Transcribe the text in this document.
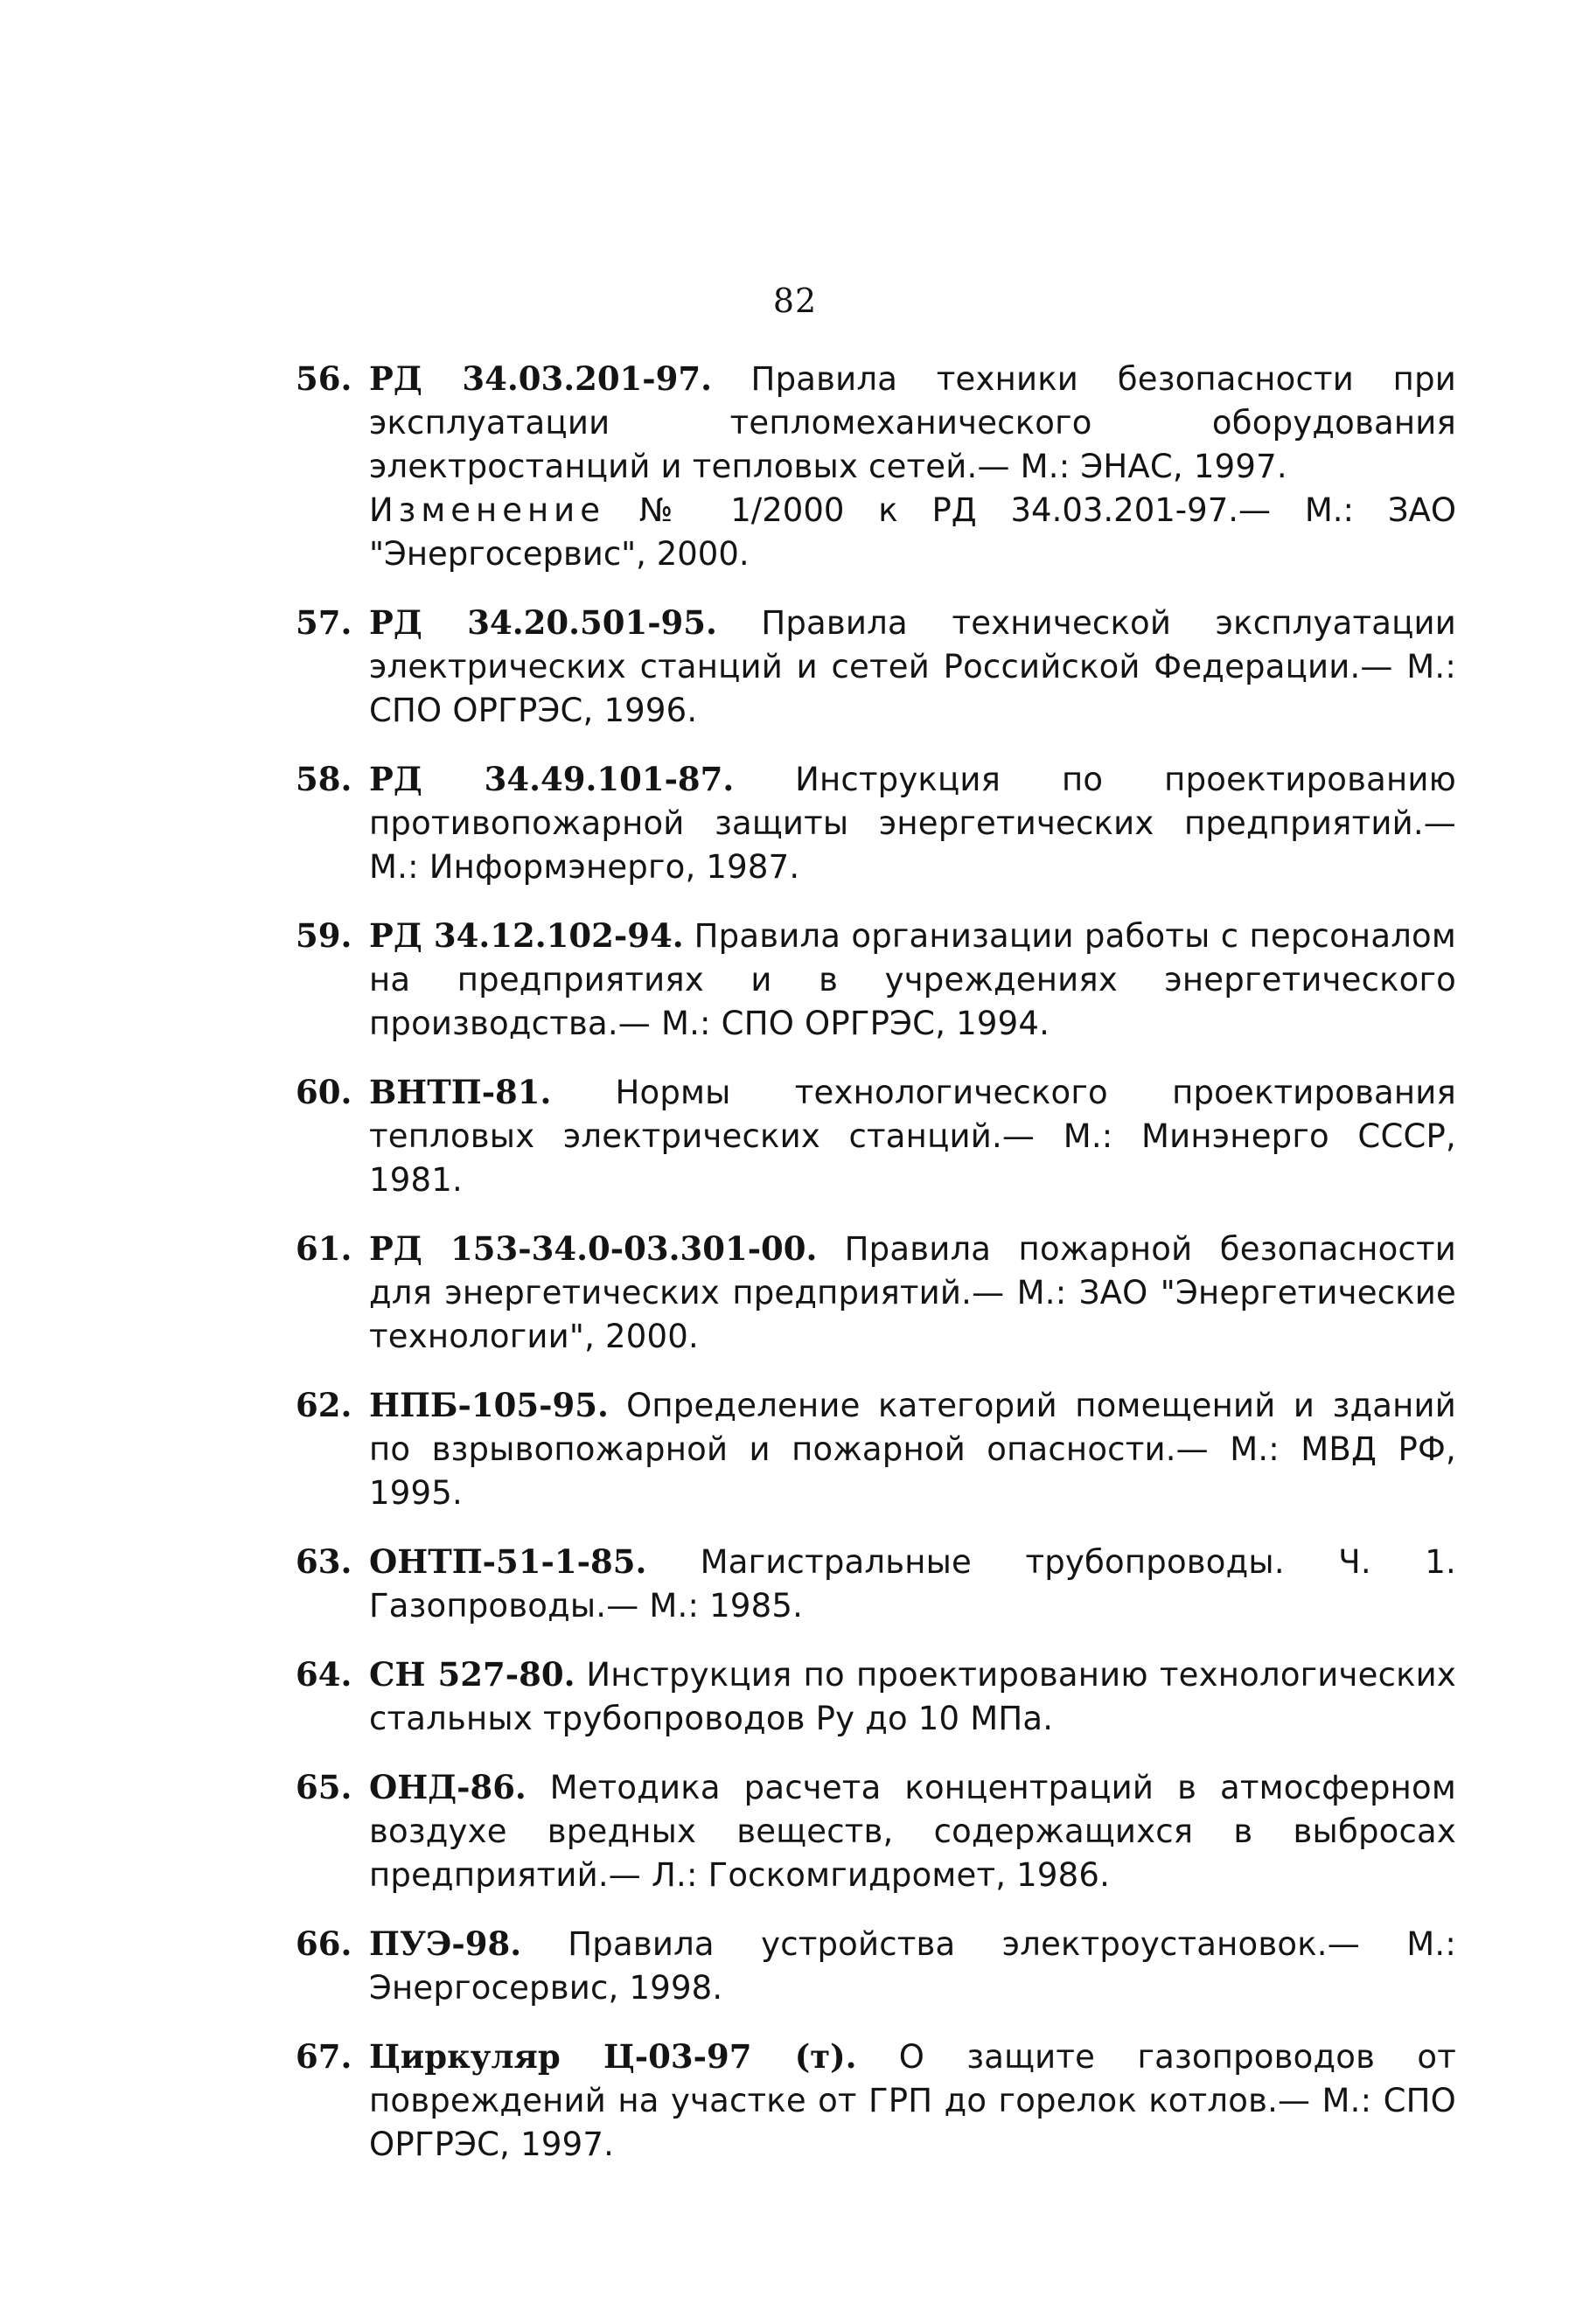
82
56. РД 34.03.201-97. Правила техники безопасности при эксплуатации тепломеханического оборудования электростанций и тепловых сетей.— М.: ЭНАС, 1997.
Изменение № 1/2000 к РД 34.03.201-97.— М.: ЗАО "Энергосервис", 2000.
57. РД 34.20.501-95. Правила технической эксплуатации электрических станций и сетей Российской Федерации.— М.: СПО ОРГРЭС, 1996.
58. РД 34.49.101-87. Инструкция по проектированию противопожарной защиты энергетических предприятий.— М.: Информэнерго, 1987.
59. РД 34.12.102-94. Правила организации работы с персоналом на предприятиях и в учреждениях энергетического производства.— М.: СПО ОРГРЭС, 1994.
60. ВНТП-81. Нормы технологического проектирования тепловых электрических станций.— М.: Минэнерго СССР, 1981.
61. РД 153-34.0-03.301-00. Правила пожарной безопасности для энергетических предприятий.— М.: ЗАО "Энергетические технологии", 2000.
62. НПБ-105-95. Определение категорий помещений и зданий по взрывопожарной и пожарной опасности.— М.: МВД РФ, 1995.
63. ОНТП-51-1-85. Магистральные трубопроводы. Ч. 1. Газопроводы.— М.: 1985.
64. СН 527-80. Инструкция по проектированию технологических стальных трубопроводов Ру до 10 МПа.
65. ОНД-86. Методика расчета концентраций в атмосферном воздухе вредных веществ, содержащихся в выбросах предприятий.— Л.: Госкомгидромет, 1986.
66. ПУЭ-98. Правила устройства электроустановок.— М.: Энергосервис, 1998.
67. Циркуляр Ц-03-97 (т). О защите газопроводов от повреждений на участке от ГРП до горелок котлов.— М.: СПО ОРГРЭС, 1997.
